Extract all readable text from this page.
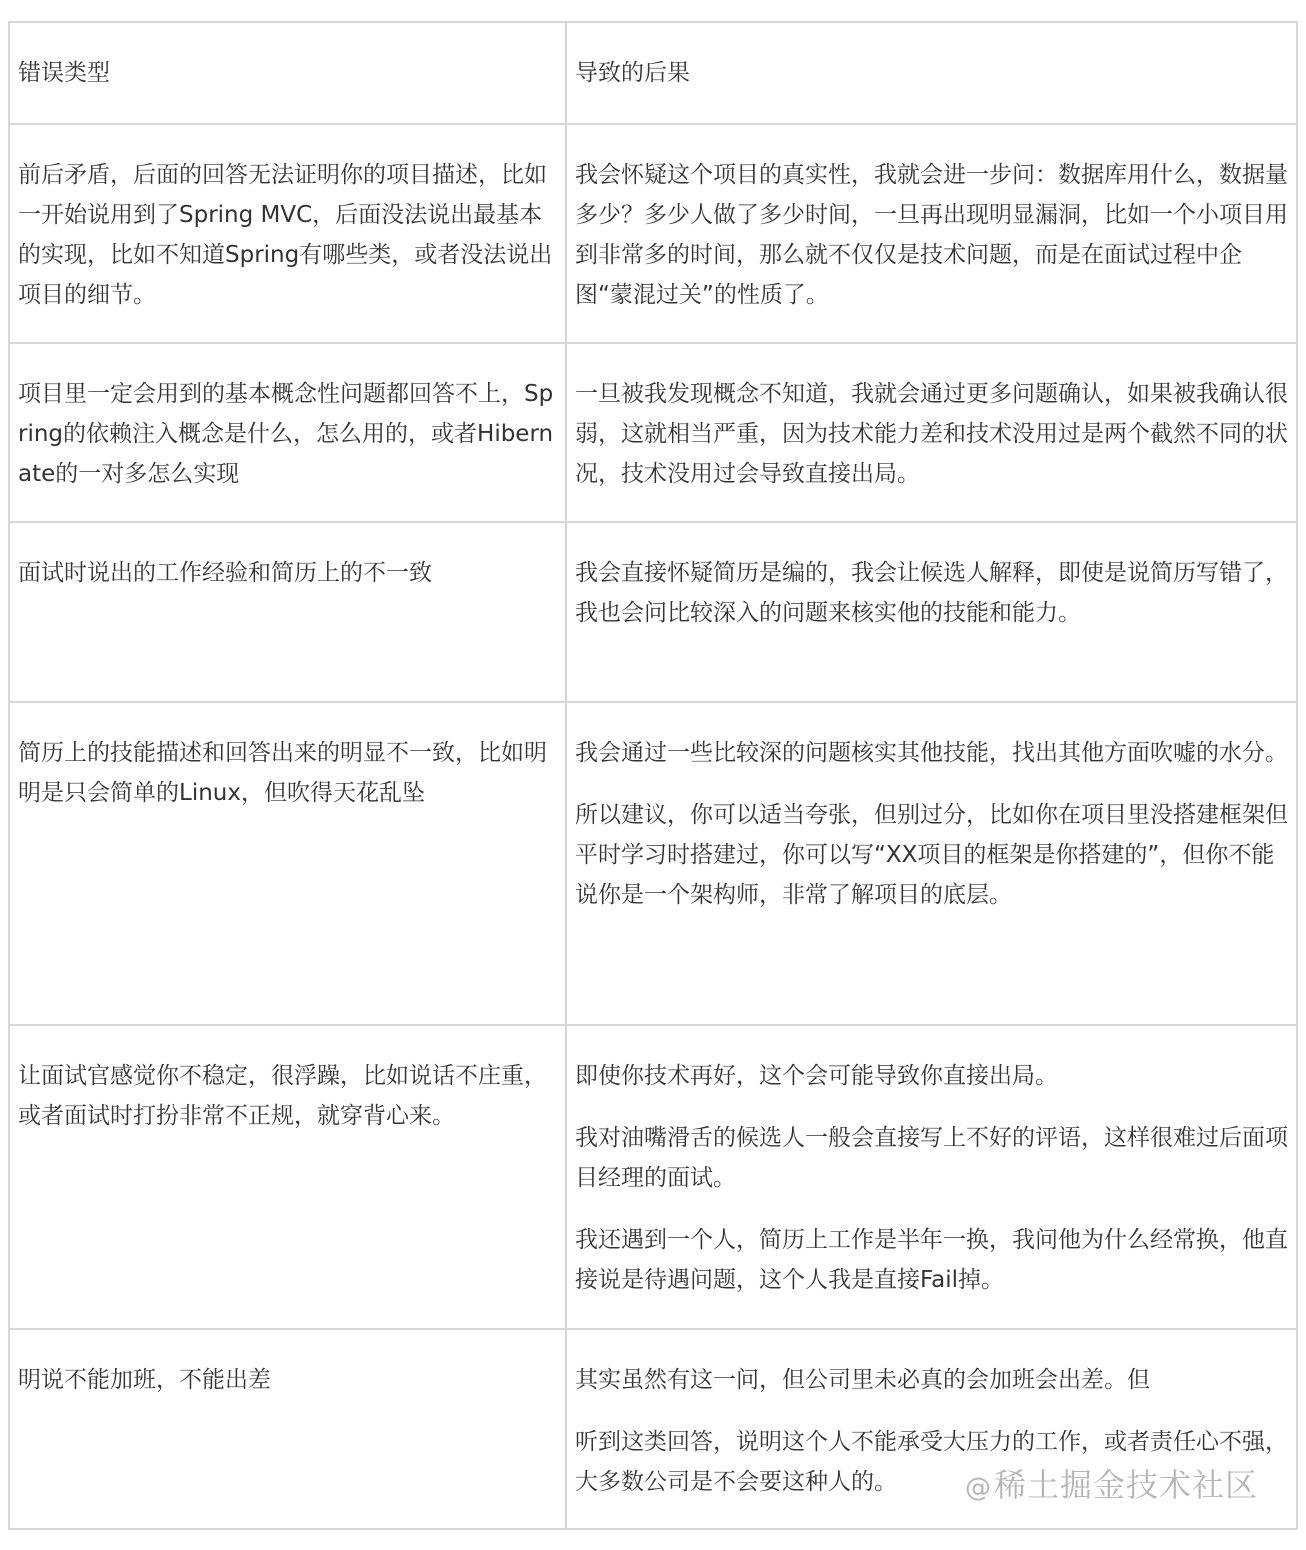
错误类型	导致的后果

前后矛盾，后面的回答无法证明你的项目描述，比如一开始说用到了Spring MVC，后面没法说出最基本的实现，比如不知道Spring有哪些类，或者没法说出项目的细节。	我会怀疑这个项目的真实性，我就会进一步问：数据库用什么，数据量多少？多少人做了多少时间，一旦再出现明显漏洞，比如一个小项目用到非常多的时间，那么就不仅仅是技术问题，而是在面试过程中企图“蒙混过关”的性质了。

项目里一定会用到的基本概念性问题都回答不上，Spring的依赖注入概念是什么，怎么用的，或者Hibernate的一对多怎么实现	一旦被我发现概念不知道，我就会通过更多问题确认，如果被我确认很弱，这就相当严重，因为技术能力差和技术没用过是两个截然不同的状况，技术没用过会导致直接出局。

面试时说出的工作经验和简历上的不一致	我会直接怀疑简历是编的，我会让候选人解释，即使是说简历写错了，我也会问比较深入的问题来核实他的技能和能力。

简历上的技能描述和回答出来的明显不一致，比如明明是只会简单的Linux，但吹得天花乱坠	我会通过一些比较深的问题核实其他技能，找出其他方面吹嘘的水分。
所以建议，你可以适当夸张，但别过分，比如你在项目里没搭建框架但平时学习时搭建过，你可以写“XX项目的框架是你搭建的”，但你不能说你是一个架构师，非常了解项目的底层。

让面试官感觉你不稳定，很浮躁，比如说话不庄重，或者面试时打扮非常不正规，就穿背心来。	即使你技术再好，这个会可能导致你直接出局。
我对油嘴滑舌的候选人一般会直接写上不好的评语，这样很难过后面项目经理的面试。
我还遇到一个人，简历上工作是半年一换，我问他为什么经常换，他直接说是待遇问题，这个人我是直接Fail掉。

明说不能加班，不能出差	其实虽然有这一问，但公司里未必真的会加班会出差。但
听到这类回答，说明这个人不能承受大压力的工作，或者责任心不强，大多数公司是不会要这种人的。	@稀土掘金技术社区
